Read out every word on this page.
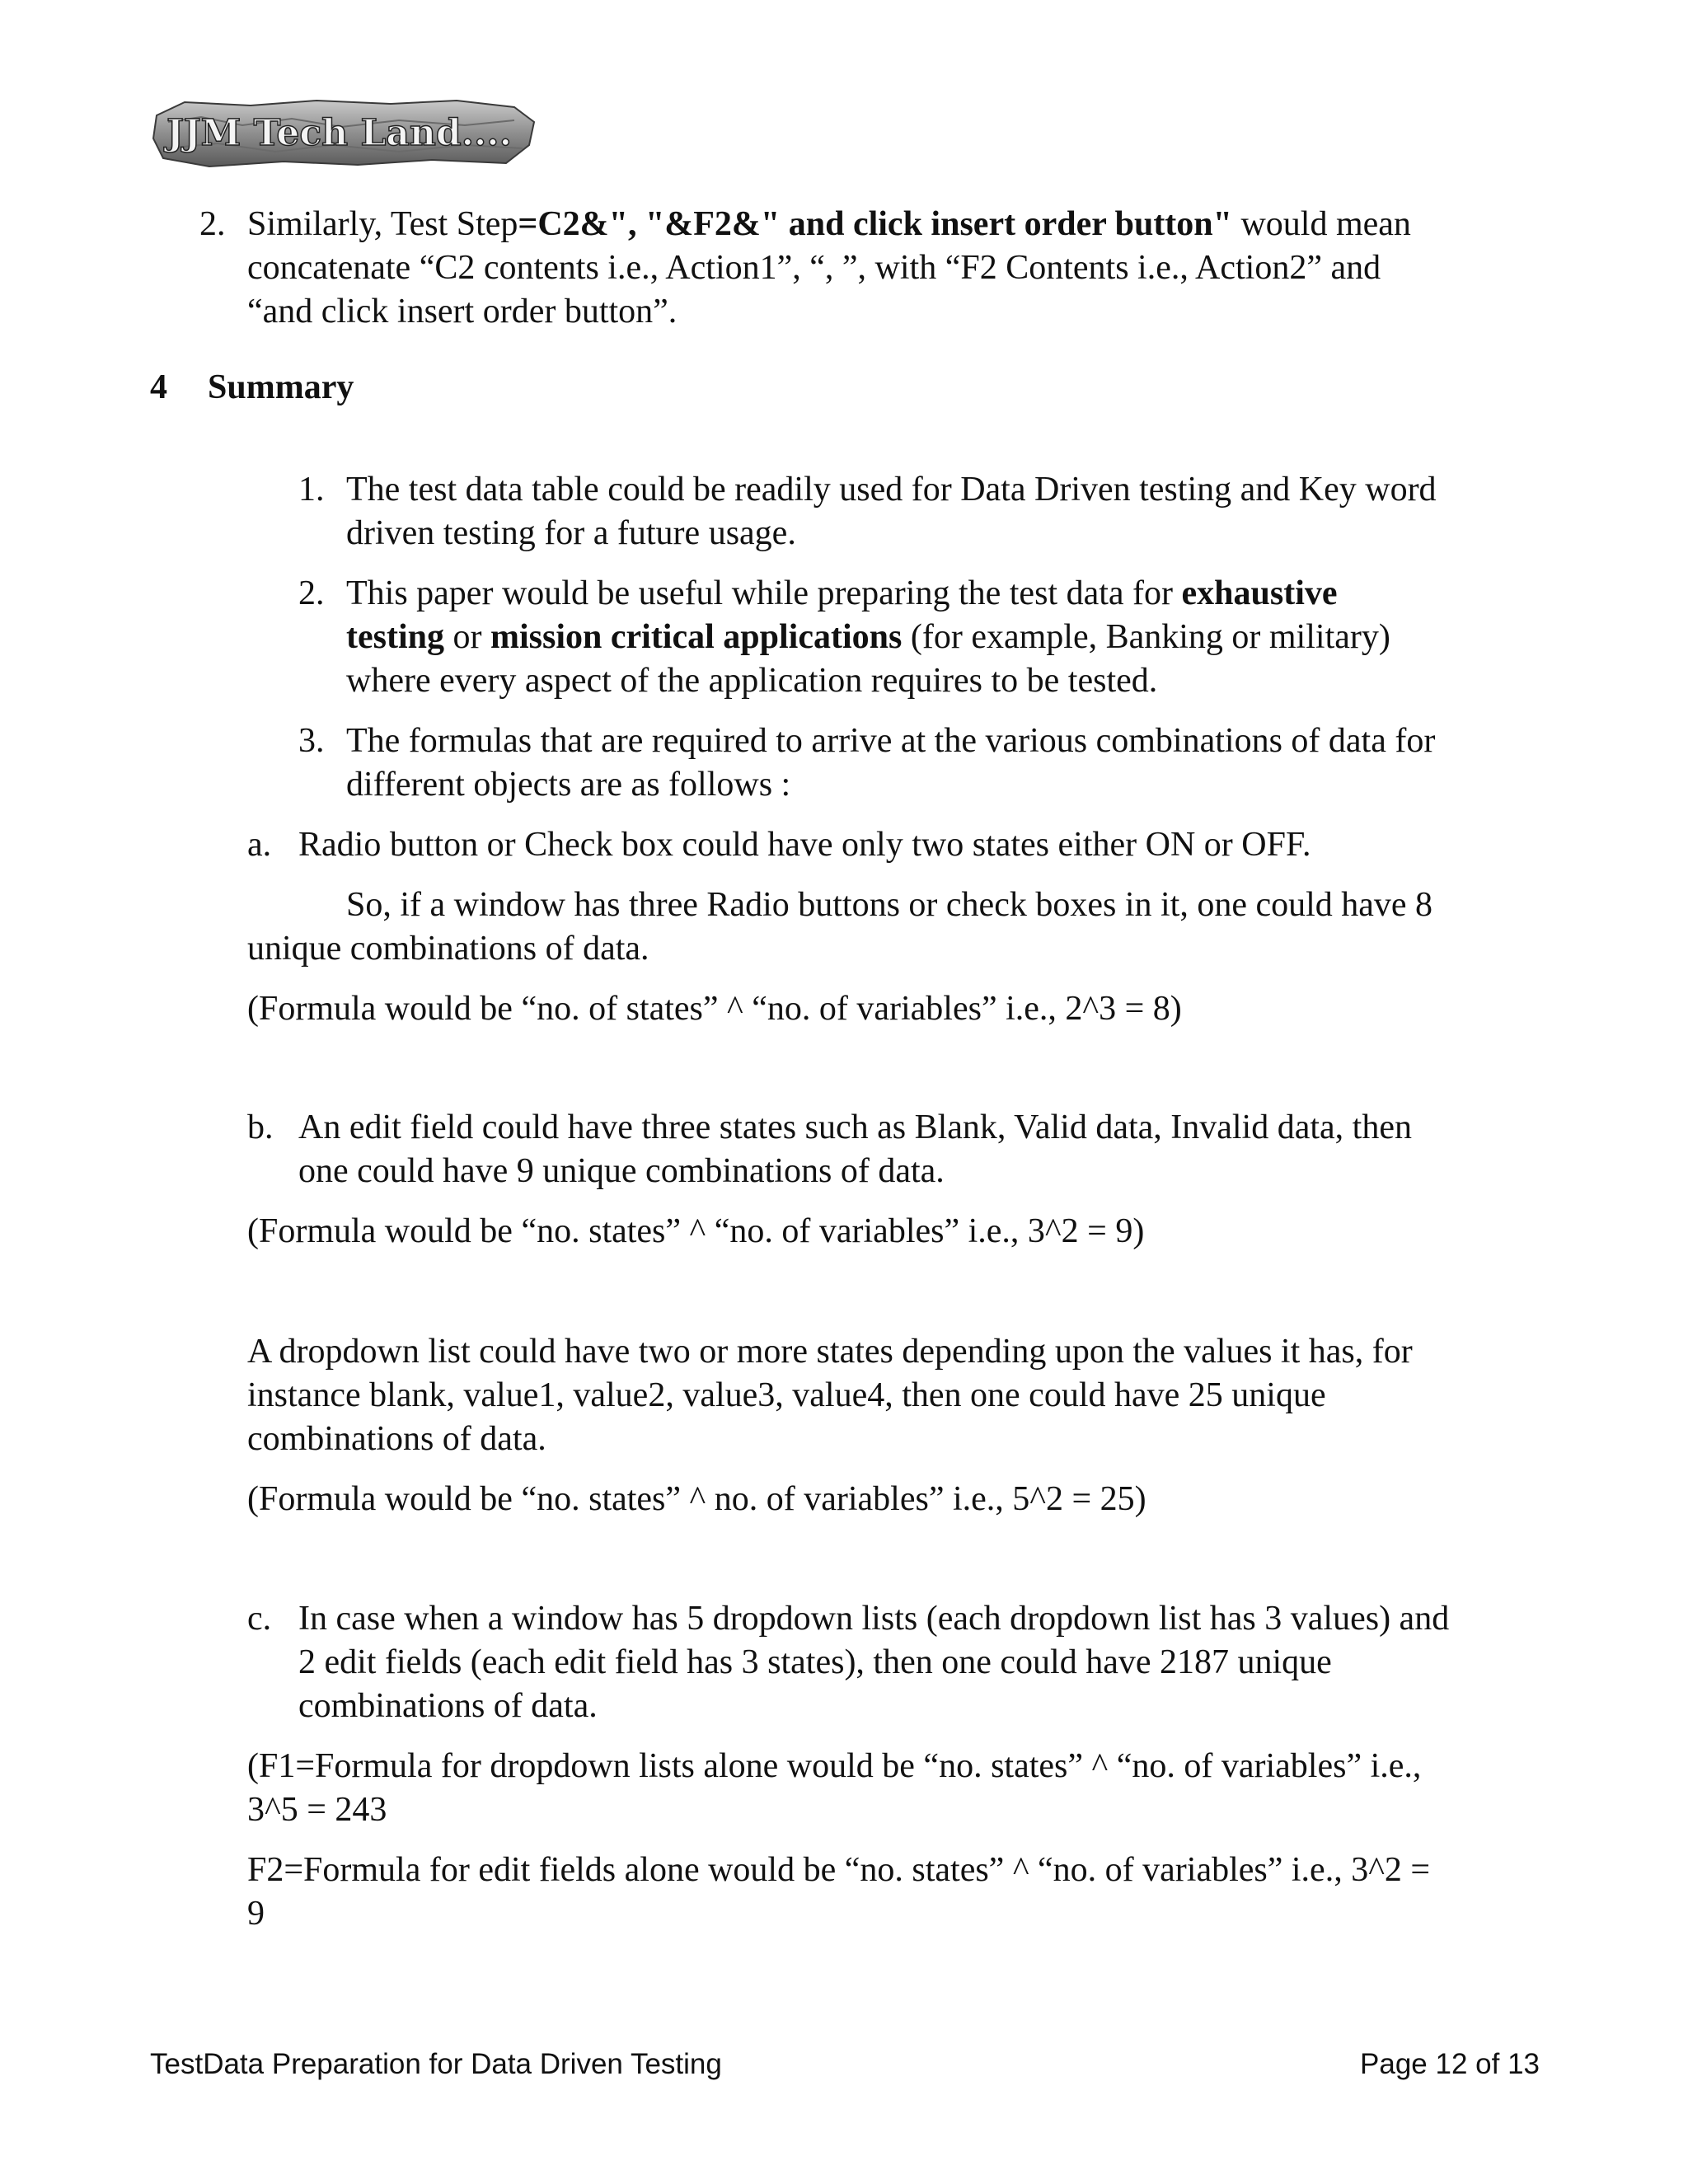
JJM Tech Land....
2. Similarly, Test Step=C2&", "&F2&" and click insert order button" would mean
concatenate “C2 contents i.e., Action1”, “, ”, with “F2 Contents i.e., Action2” and
“and click insert order button”.
4 Summary
1. The test data table could be readily used for Data Driven testing and Key word
driven testing for a future usage.
2. This paper would be useful while preparing the test data for exhaustive
testing or mission critical applications (for example, Banking or military)
where every aspect of the application requires to be tested.
3. The formulas that are required to arrive at the various combinations of data for
different objects are as follows :
a. Radio button or Check box could have only two states either ON or OFF.
So, if a window has three Radio buttons or check boxes in it, one could have 8
unique combinations of data.
(Formula would be “no. of states” ^ “no. of variables” i.e., 2^3 = 8)
b. An edit field could have three states such as Blank, Valid data, Invalid data, then
one could have 9 unique combinations of data.
(Formula would be “no. states” ^ “no. of variables” i.e., 3^2 = 9)
A dropdown list could have two or more states depending upon the values it has, for
instance blank, value1, value2, value3, value4, then one could have 25 unique
combinations of data.
(Formula would be “no. states” ^ no. of variables” i.e., 5^2 = 25)
c. In case when a window has 5 dropdown lists (each dropdown list has 3 values) and
2 edit fields (each edit field has 3 states), then one could have 2187 unique
combinations of data.
(F1=Formula for dropdown lists alone would be “no. states” ^ “no. of variables” i.e.,
3^5 = 243
F2=Formula for edit fields alone would be “no. states” ^ “no. of variables” i.e., 3^2 =
9
TestData Preparation for Data Driven Testing	Page 12 of 13
